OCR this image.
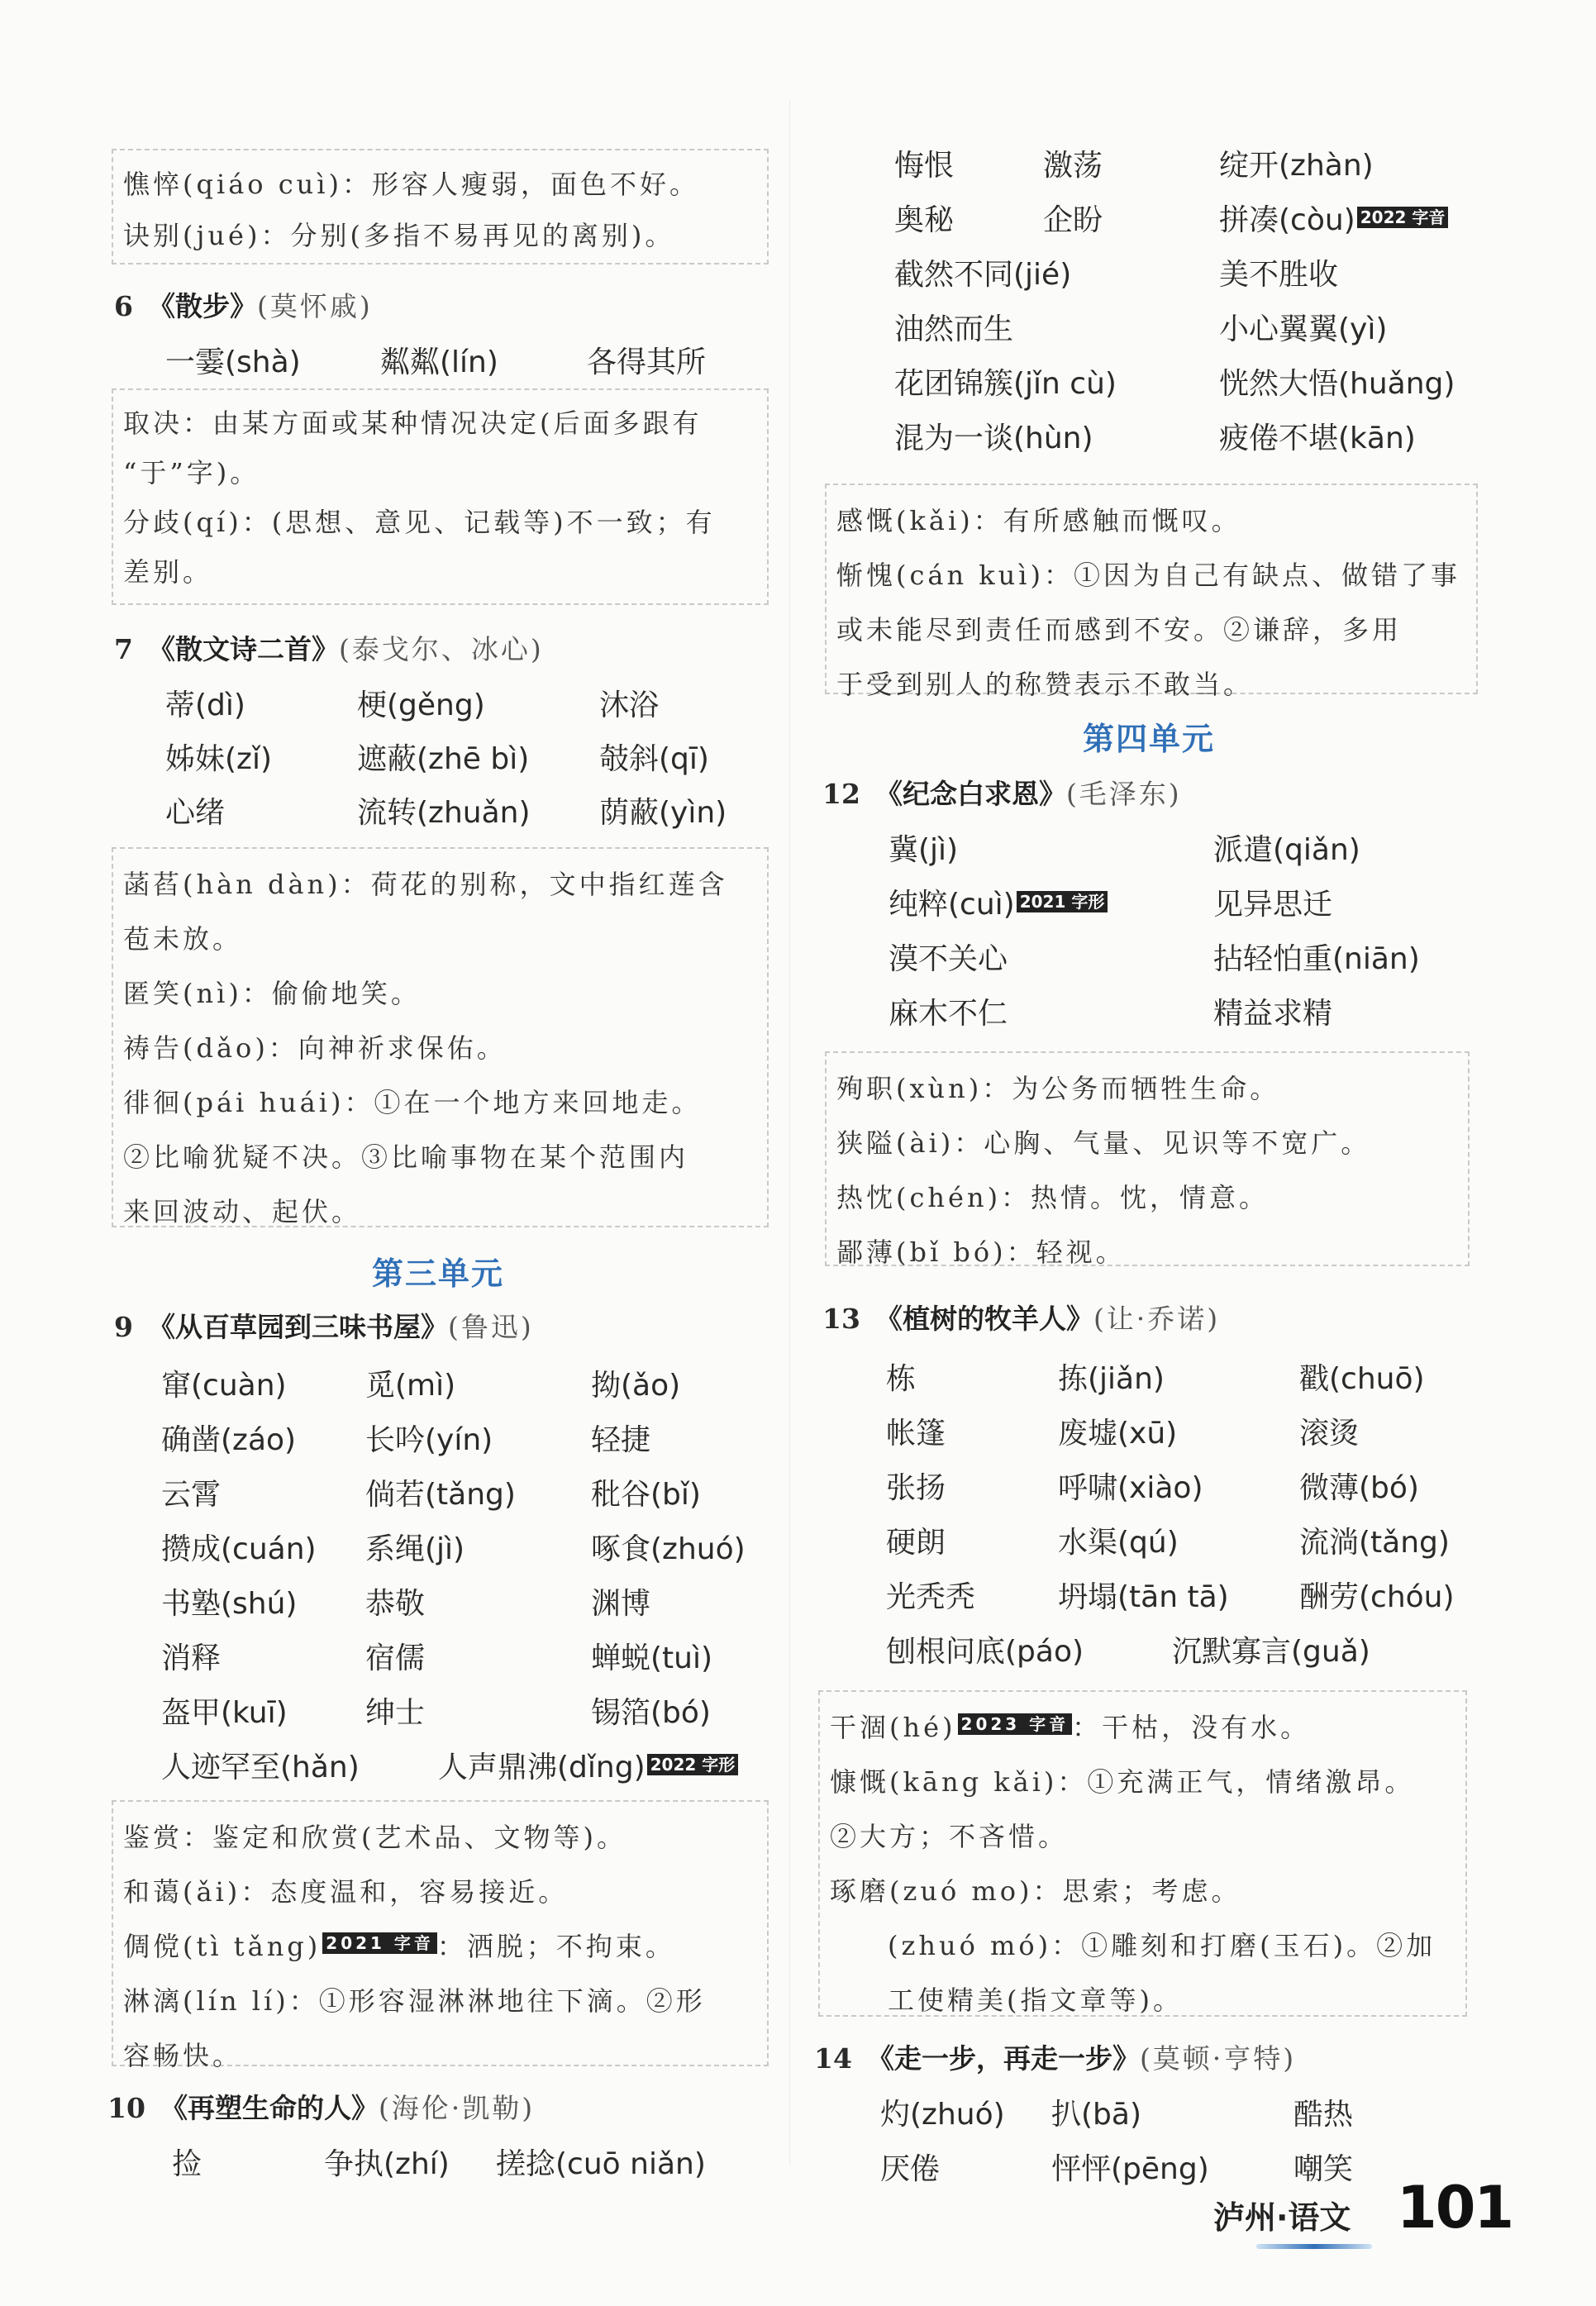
憔悴(qiáo cuì)：形容人瘦弱，面色不好。
诀别(jué)：分别(多指不易再见的离别)。
6 《散步》(莫怀戚)
一霎(shà)	粼粼(lín)	各得其所
取决：由某方面或某种情况决定(后面多跟有
“于”字)。
分歧(qí)：(思想、意见、记载等)不一致；有
差别。
7 《散文诗二首》(泰戈尔、冰心)
蒂(dì)	梗(gěng)	沐浴
姊妹(zǐ)	遮蔽(zhē bì) 攲斜(qī)
心绪	流转(zhuǎn) 荫蔽(yìn)
菡萏(hàn dàn)：荷花的别称，文中指红莲含
苞未放。
匿笑(nì)：偷偷地笑。
祷告(dǎo)：向神祈求保佑。
徘徊(pái huái)：①在一个地方来回地走。
②比喻犹疑不决。③比喻事物在某个范围内
来回波动、起伏。
第三单元
9 《从百草园到三味书屋》(鲁迅)
窜(cuàn)	觅(mì)	拗(ǎo)
确凿(záo) 长吟(yín)	轻捷
云霄	倘若(tǎng)	秕谷(bǐ)
攒成(cuán) 系绳(jì)	啄食(zhuó)
书塾(shú) 恭敬	渊博
消释	宿儒	蝉蜕(tuì)
盔甲(kuī)	绅士	锡箔(bó)
人迹罕至(hǎn)	人声鼎沸(dǐng) 2022 字形
鉴赏：鉴定和欣赏(艺术品、文物等)。
和蔼(ǎi)：态度温和，容易接近。
倜傥(tì tǎng) 2021 字音 ：洒脱；不拘束。
淋漓(lín lí)：①形容湿淋淋地往下滴。②形
容畅快。
10 《再塑生命的人》(海伦·凯勒)
捡	争执(zhí) 搓捻(cuō niǎn)
悔恨	激荡	绽开(zhàn)
奥秘	企盼	拼凑(còu) 2022 字音
截然不同(jié)	美不胜收
油然而生	小心翼翼(yì)
花团锦簇(jǐn cù)	恍然大悟(huǎng)
混为一谈(hùn)	疲倦不堪(kān)
感慨(kǎi)：有所感触而慨叹。
惭愧(cán kuì)：①因为自己有缺点、做错了事
或未能尽到责任而感到不安。②谦辞，多用
于受到别人的称赞表示不敢当。
第四单元
12 《纪念白求恩》(毛泽东)
冀(jì)	派遣(qiǎn)
纯粹(cuì) 2021 字形	见异思迁
漠不关心	拈轻怕重(niān)
麻木不仁	精益求精
殉职(xùn)：为公务而牺牲生命。
狭隘(ài)：心胸、气量、见识等不宽广。
热忱(chén)：热情。忱，情意。
鄙薄(bǐ bó)：轻视。
13 《植树的牧羊人》(让·乔诺)
栋	拣(jiǎn)	戳(chuō)
帐篷	废墟(xū)	滚烫
张扬	呼啸(xiào)	微薄(bó)
硬朗	水渠(qú)	流淌(tǎng)
光秃秃	坍塌(tān tā) 酬劳(chóu)
刨根问底(páo)	沉默寡言(guǎ)
干涸(hé) 2023 字音 ：干枯，没有水。
慷慨(kāng kǎi)：①充满正气，情绪激昂。
②大方；不吝惜。
琢磨(zuó mo)：思索；考虑。
(zhuó mó)：①雕刻和打磨(玉石)。②加
工使精美(指文章等)。
14 《走一步，再走一步》(莫顿·亨特)
灼(zhuó) 扒(bā)	酷热
厌倦	怦怦(pēng)	嘲笑
泸州·语文 101
